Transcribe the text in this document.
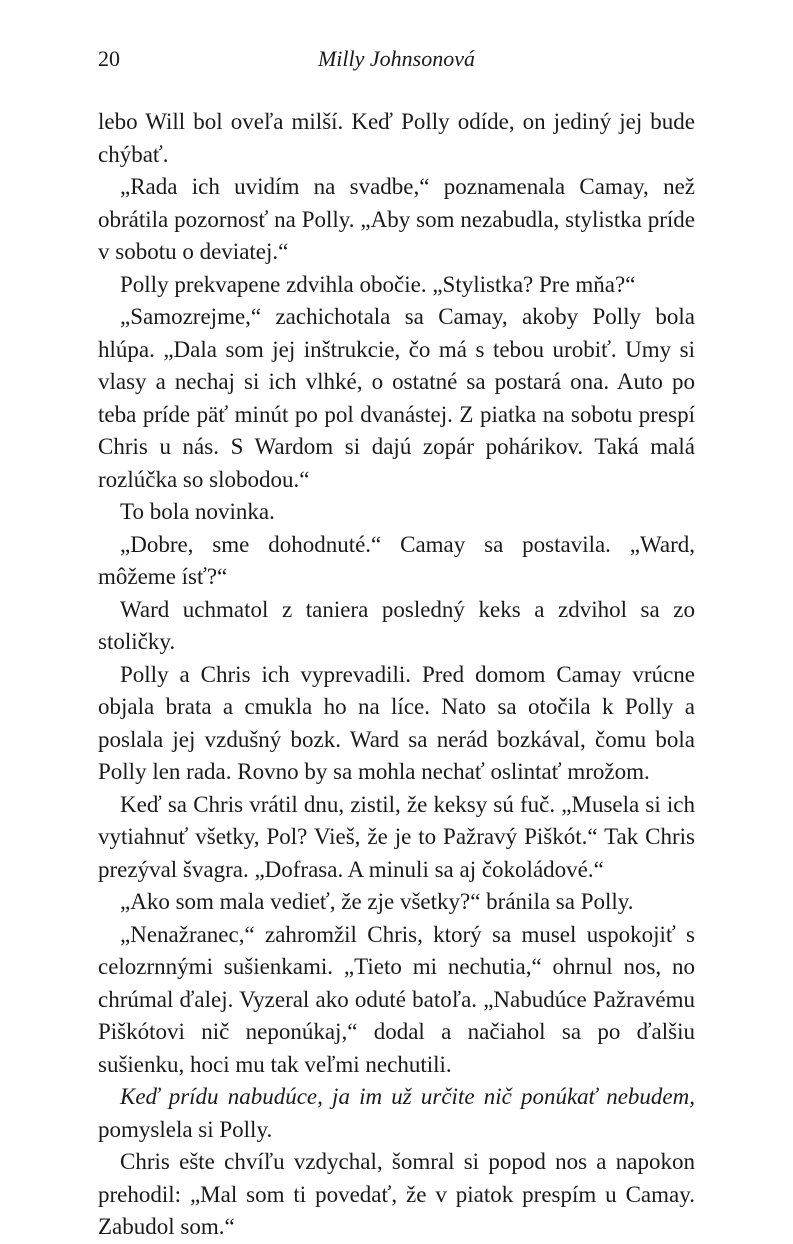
20	Milly Johnsonová

lebo Will bol oveľa milší. Keď Polly odíde, on jediný jej bude chýbať.

„Rada ich uvidím na svadbe,“ poznamenala Camay, než obrátila pozornosť na Polly. „Aby som nezabudla, stylistka príde v sobotu o deviatej.“

Polly prekvapene zdvihla obočie. „Stylistka? Pre mňa?“

„Samozrejme,“ zachichotala sa Camay, akoby Polly bola hlúpa. „Dala som jej inštrukcie, čo má s tebou urobiť. Umy si vlasy a nechaj si ich vlhké, o ostatné sa postará ona. Auto po teba príde päť minút po pol dvanástej. Z piatka na sobotu prespí Chris u nás. S Wardom si dajú zopár pohárikov. Taká malá rozlúčka so slobodou.“

To bola novinka.

„Dobre, sme dohodnuté.“ Camay sa postavila. „Ward, môžeme ísť?“

Ward uchmatol z taniera posledný keks a zdvihol sa zo stoličky.

Polly a Chris ich vyprevadili. Pred domom Camay vrúcne objala brata a cmukla ho na líce. Nato sa otočila k Polly a poslala jej vzdušný bozk. Ward sa nerád bozkával, čomu bola Polly len rada. Rovno by sa mohla nechať oslintať mrožom.

Keď sa Chris vrátil dnu, zistil, že keksy sú fuč. „Musela si ich vytiahnuť všetky, Pol? Vieš, že je to Pažravý Piškót.“ Tak Chris prezýval švagra. „Dofrasa. A minuli sa aj čokoládové.“

„Ako som mala vedieť, že zje všetky?“ bránila sa Polly.

„Nenažranec,“ zahromžil Chris, ktorý sa musel uspokojiť s celozrnnými sušienkami. „Tieto mi nechutia,“ ohrnul nos, no chrúmal ďalej. Vyzeral ako oduté batoľa. „Nabudúce Pažravému Piškótovi nič neponúkaj,“ dodal a načiahol sa po ďalšiu sušienku, hoci mu tak veľmi nechutili.

Keď prídu nabudúce, ja im už určite nič ponúkať nebudem, pomyslela si Polly.

Chris ešte chvíľu vzdychal, šomral si popod nos a napokon prehodil: „Mal som ti povedať, že v piatok prespím u Camay. Zabudol som.“
